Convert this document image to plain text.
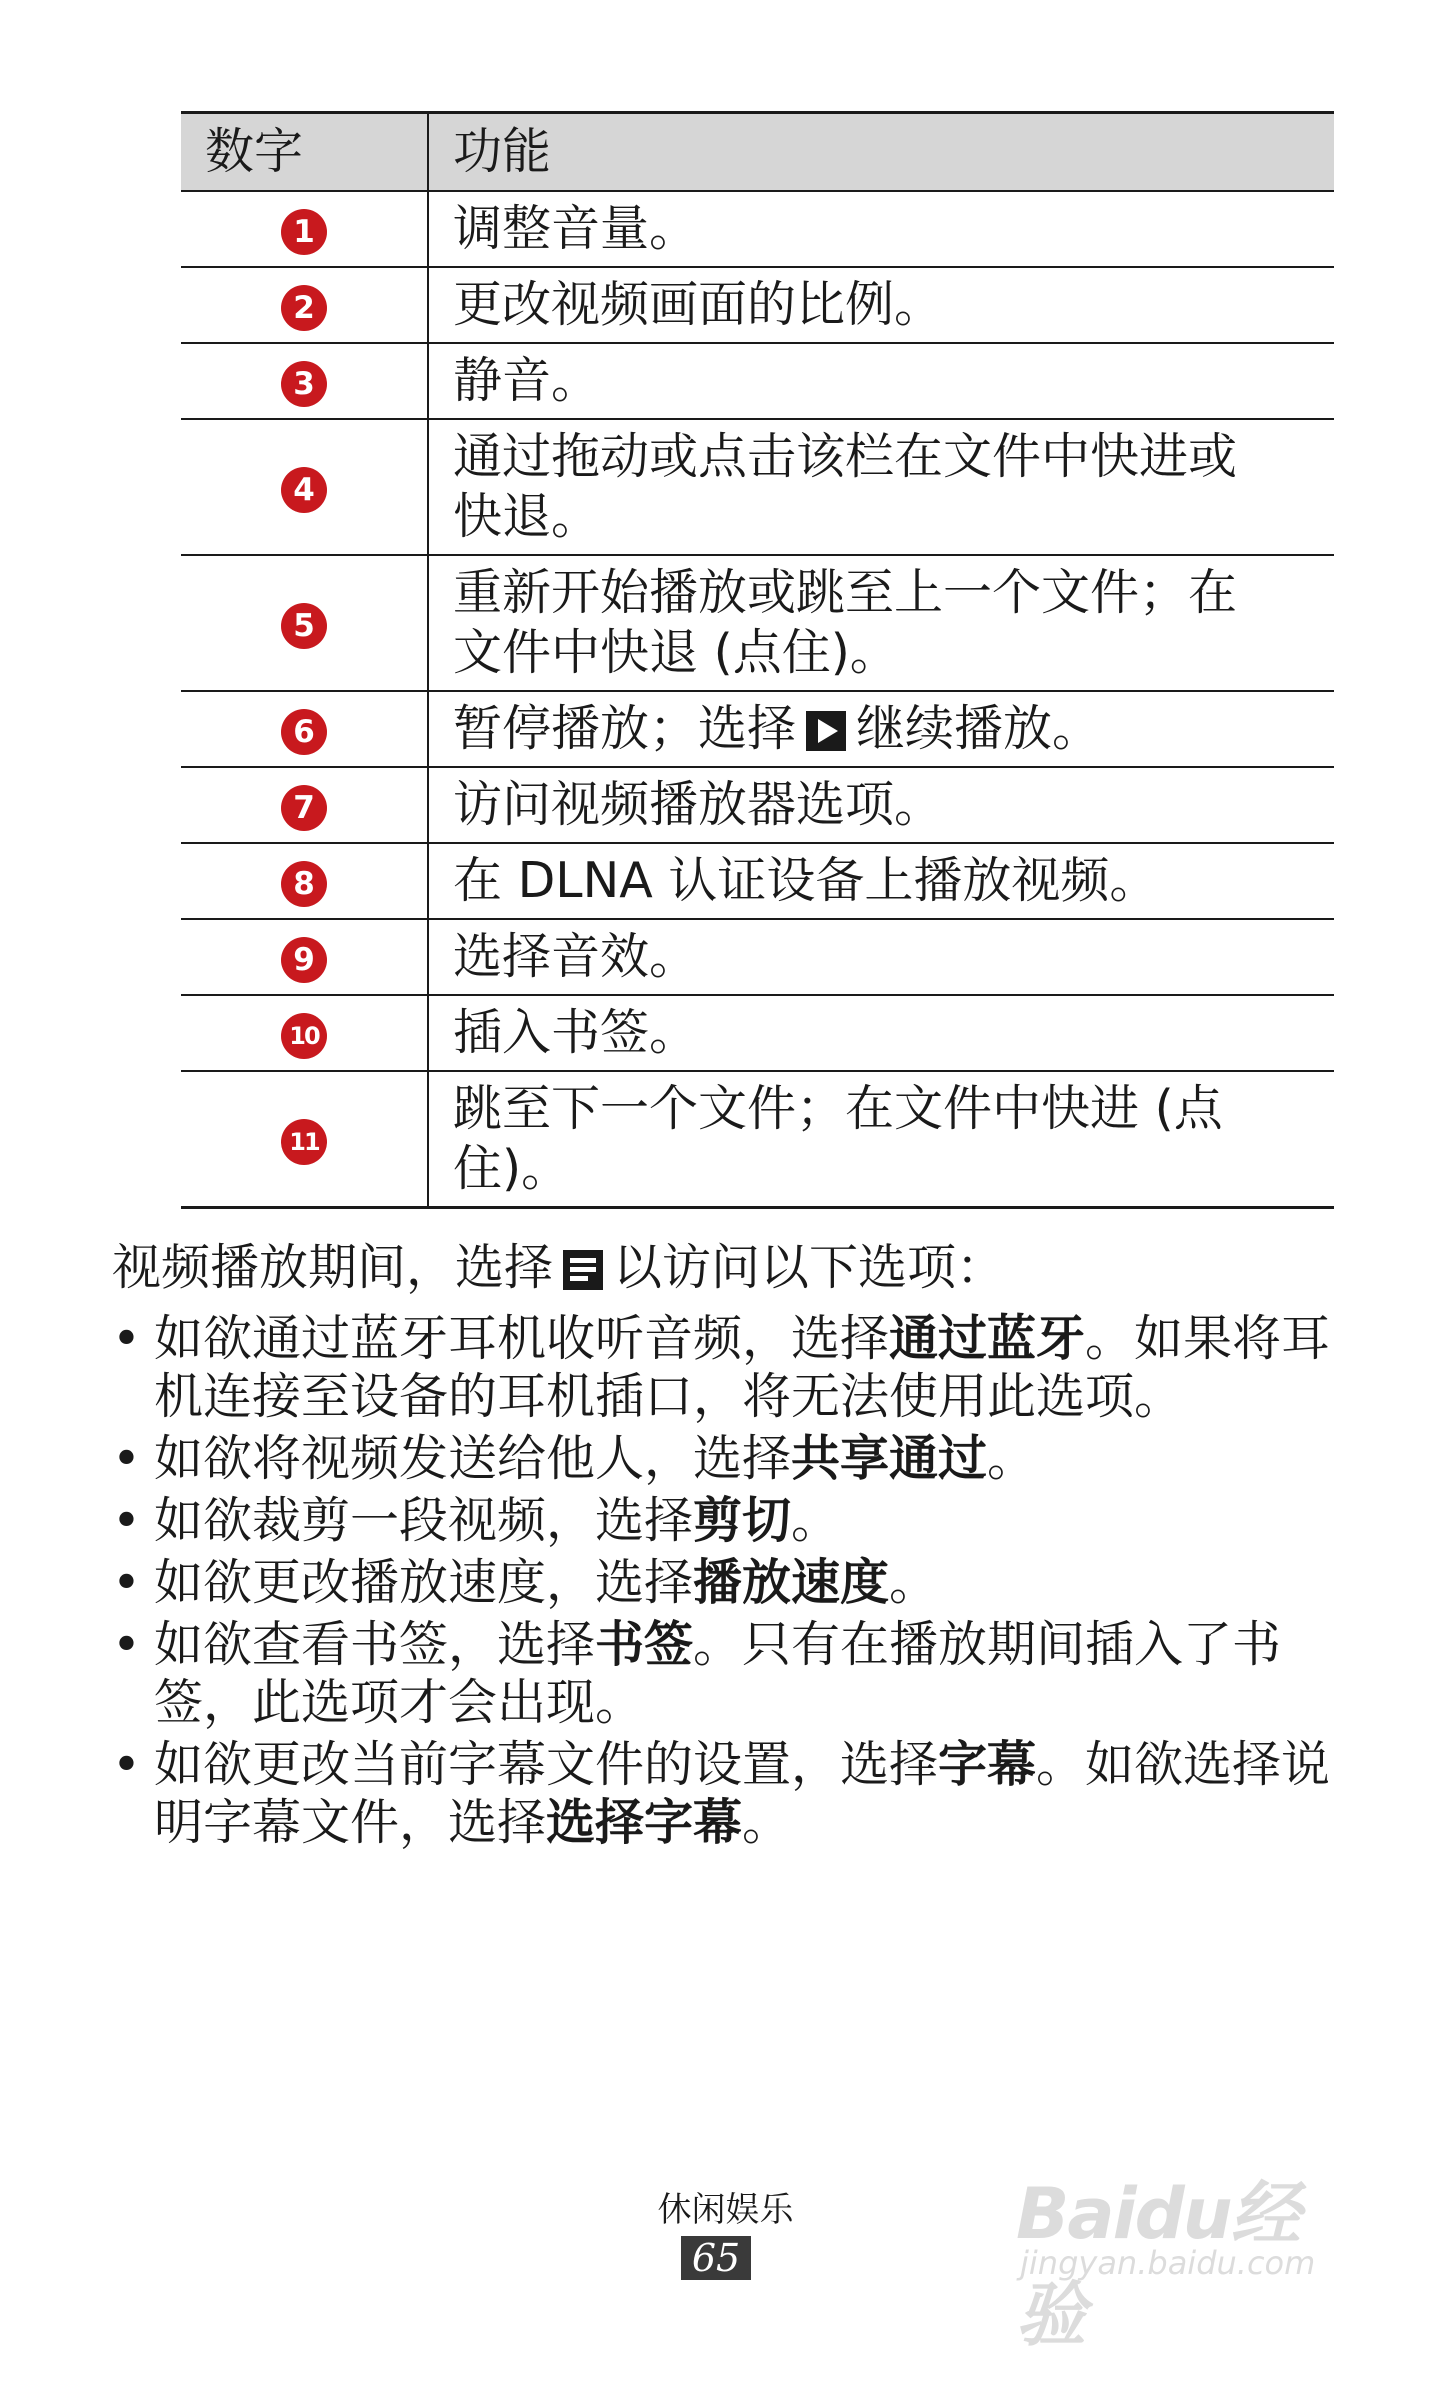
数字	功能
1	调整音量。
2	更改视频画面的比例。
3	静音。
4	通过拖动或点击该栏在文件中快进或
快退。
5	重新开始播放或跳至上一个文件；在
文件中快退 (点住)。
6	暂停播放；选择 继续播放。
7	访问视频播放器选项。
8	在 DLNA 认证设备上播放视频。
9	选择音效。
10	插入书签。
11	跳至下一个文件；在文件中快进 (点
住)。

视频播放期间，选择 以访问以下选项：

• 如欲通过蓝牙耳机收听音频，选择通过蓝牙。如果将耳机连接至设备的耳机插口，将无法使用此选项。
• 如欲将视频发送给他人，选择共享通过。
• 如欲裁剪一段视频，选择剪切。
• 如欲更改播放速度，选择播放速度。
• 如欲查看书签，选择书签。只有在播放期间插入了书签，此选项才会出现。
• 如欲更改当前字幕文件的设置，选择字幕。如欲选择说明字幕文件，选择选择字幕。
休闲娱乐
65
Baidu经验
jingyan.baidu.com
